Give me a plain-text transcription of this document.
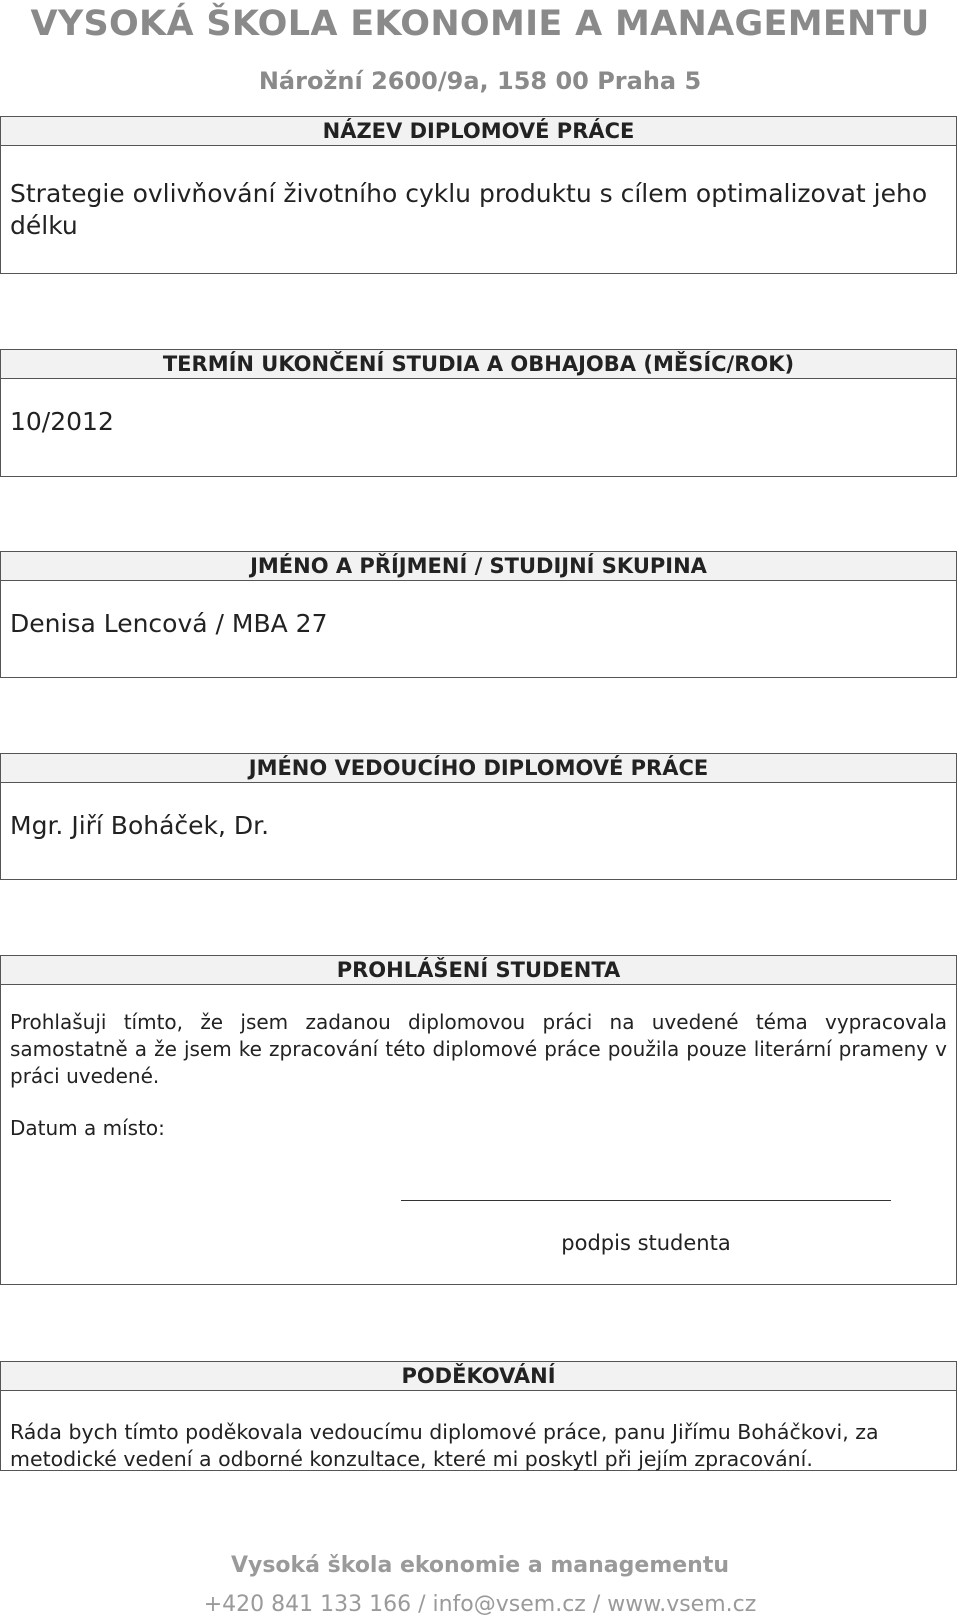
VYSOKÁ ŠKOLA EKONOMIE A MANAGEMENTU
Nárožní 2600/9a, 158 00 Praha 5
NÁZEV DIPLOMOVÉ PRÁCE
Strategie ovlivňování životního cyklu produktu s cílem optimalizovat jeho délku
TERMÍN UKONČENÍ STUDIA A OBHAJOBA (MĚSÍC/ROK)
10/2012
JMÉNO A PŘÍJMENÍ / STUDIJNÍ SKUPINA
Denisa Lencová / MBA 27
JMÉNO VEDOUCÍHO DIPLOMOVÉ PRÁCE
Mgr. Jiří Boháček, Dr.
PROHLÁŠENÍ STUDENTA
Prohlašuji tímto, že jsem zadanou diplomovou práci na uvedené téma vypracovala samostatně a že jsem ke zpracování této diplomové práce použila pouze literární prameny v práci uvedené.
Datum a místo:
podpis studenta
PODĚKOVÁNÍ
Ráda bych tímto poděkovala vedoucímu diplomové práce, panu Jiřímu Boháčkovi, za metodické vedení a odborné konzultace, které mi poskytl při jejím zpracování.
Vysoká škola ekonomie a managementu
+420 841 133 166 / info@vsem.cz / www.vsem.cz
